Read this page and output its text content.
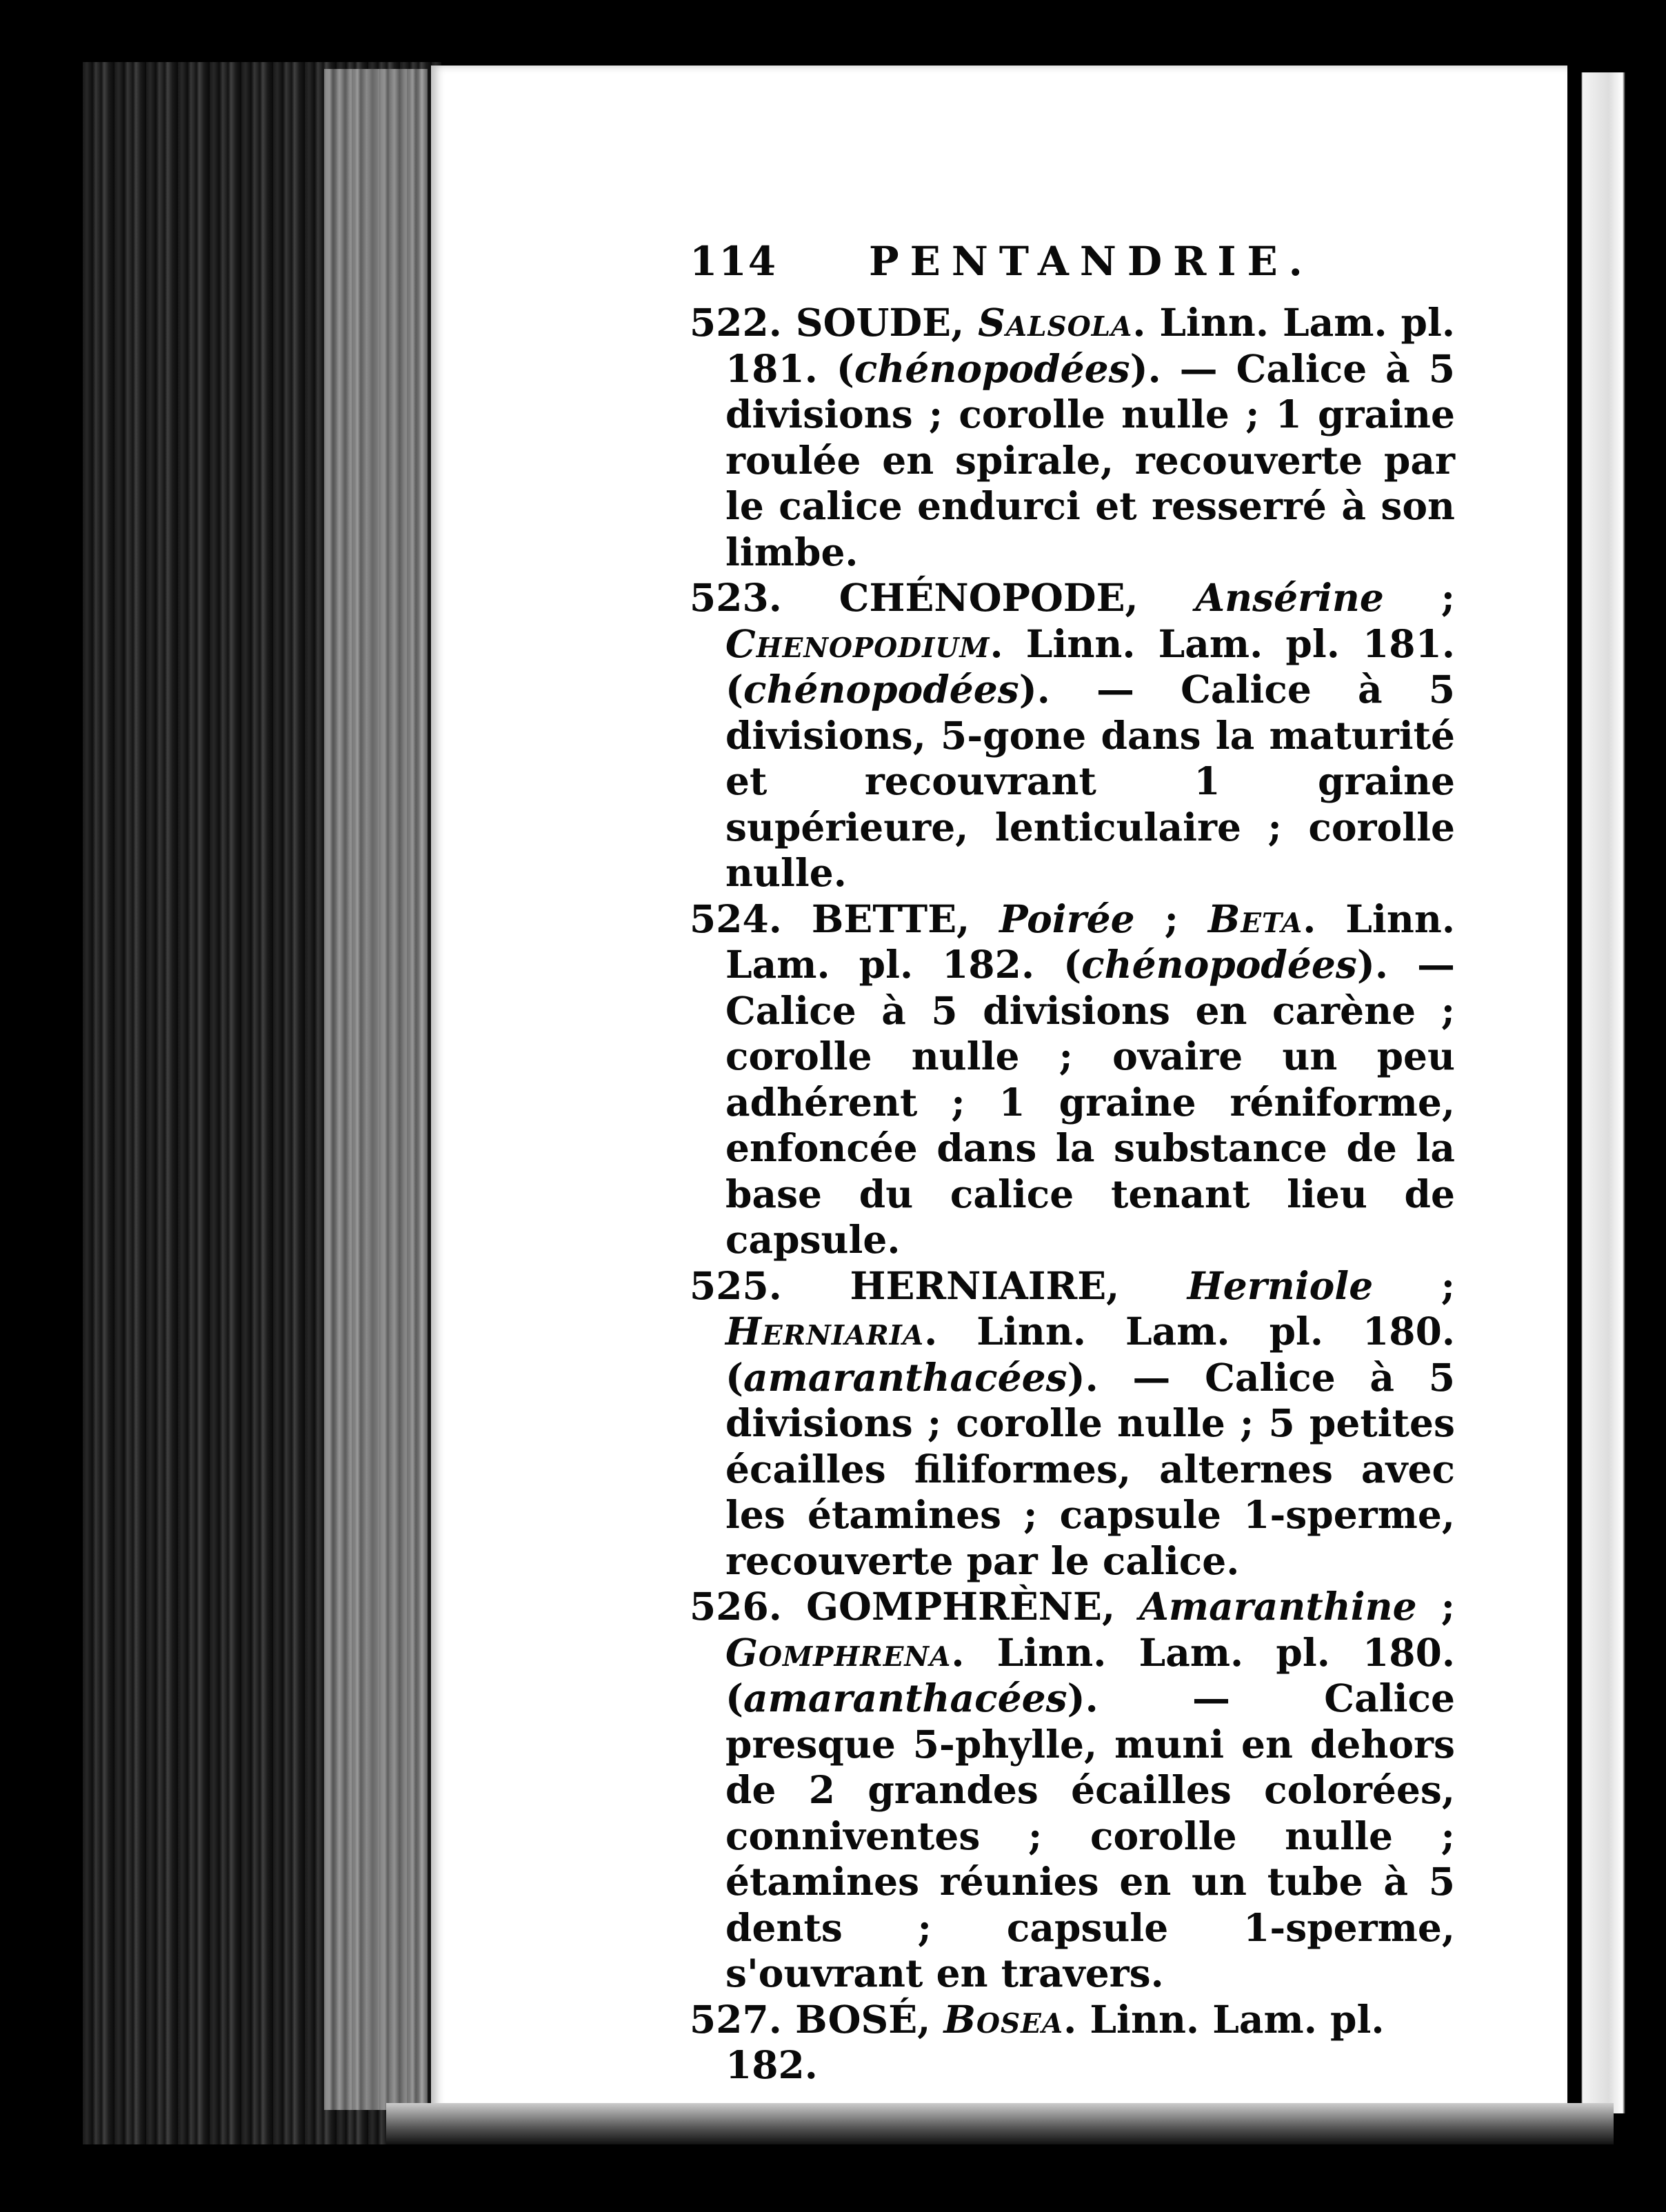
114	PENTANDRIE.

522. SOUDE, Salsola. Linn. Lam. pl. 181. (chénopodées). — Calice à 5 divisions ; corolle nulle ; 1 graine roulée en spirale, recouverte par le calice endurci et resserré à son limbe.

523. CHÉNOPODE, Ansérine ; Chenopodium. Linn. Lam. pl. 181. (chénopodées). — Calice à 5 divisions, 5-gone dans la maturité et recouvrant 1 graine supérieure, lenticulaire ; corolle nulle.

524. BETTE, Poirée ; Beta. Linn. Lam. pl. 182. (chénopodées). — Calice à 5 divisions en carène ; corolle nulle ; ovaire un peu adhérent ; 1 graine réniforme, enfoncée dans la substance de la base du calice tenant lieu de capsule.

525. HERNIAIRE, Herniole ; Herniaria. Linn. Lam. pl. 180. (amaranthacées). — Calice à 5 divisions ; corolle nulle ; 5 petites écailles filiformes, alternes avec les étamines ; capsule 1-sperme, recouverte par le calice.

526. GOMPHRÈNE, Amaranthine ; Gomphrena. Linn. Lam. pl. 180. (amaranthacées). — Calice presque 5-phylle, muni en dehors de 2 grandes écailles colorées, conniventes ; corolle nulle ; étamines réunies en un tube à 5 dents ; capsule 1-sperme, s'ouvrant en travers.

527. BOSÉ, Bosea. Linn. Lam. pl. 182.
